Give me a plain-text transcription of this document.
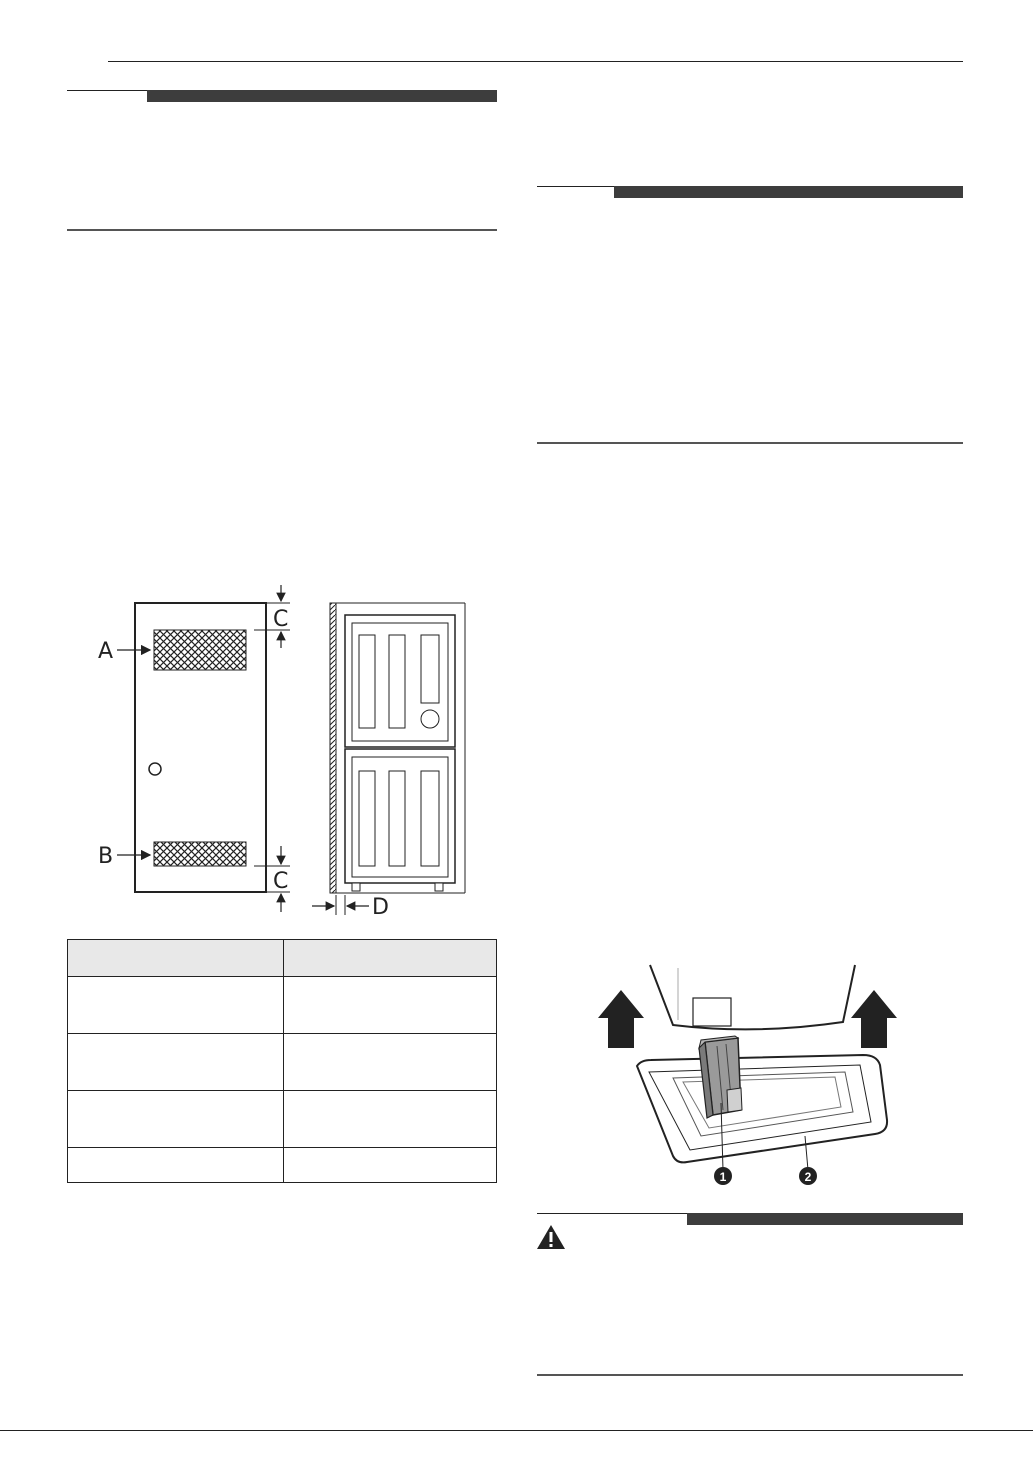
A
B
C
C
D

1	2
